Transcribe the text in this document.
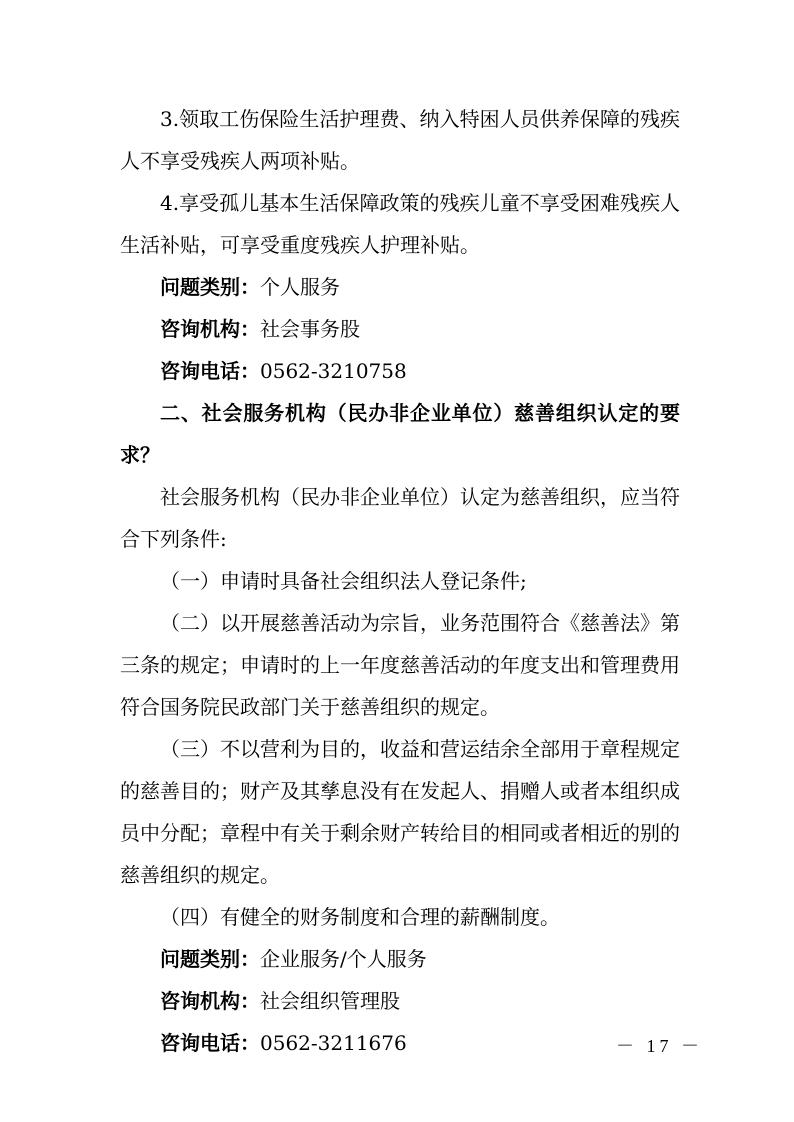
3.领取工伤保险生活护理费、纳入特困人员供养保障的残疾人不享受残疾人两项补贴。

4.享受孤儿基本生活保障政策的残疾儿童不享受困难残疾人生活补贴，可享受重度残疾人护理补贴。

问题类别：个人服务

咨询机构：社会事务股

咨询电话：0562-3210758

二、社会服务机构（民办非企业单位）慈善组织认定的要求？

社会服务机构（民办非企业单位）认定为慈善组织，应当符合下列条件:

（一）申请时具备社会组织法人登记条件;

（二）以开展慈善活动为宗旨，业务范围符合《慈善法》第三条的规定；申请时的上一年度慈善活动的年度支出和管理费用符合国务院民政部门关于慈善组织的规定。

（三）不以营利为目的，收益和营运结余全部用于章程规定的慈善目的；财产及其孳息没有在发起人、捐赠人或者本组织成员中分配；章程中有关于剩余财产转给目的相同或者相近的别的慈善组织的规定。

（四）有健全的财务制度和合理的薪酬制度。

问题类别：企业服务/个人服务

咨询机构：社会组织管理股

咨询电话：0562-3211676	－ 17 －
